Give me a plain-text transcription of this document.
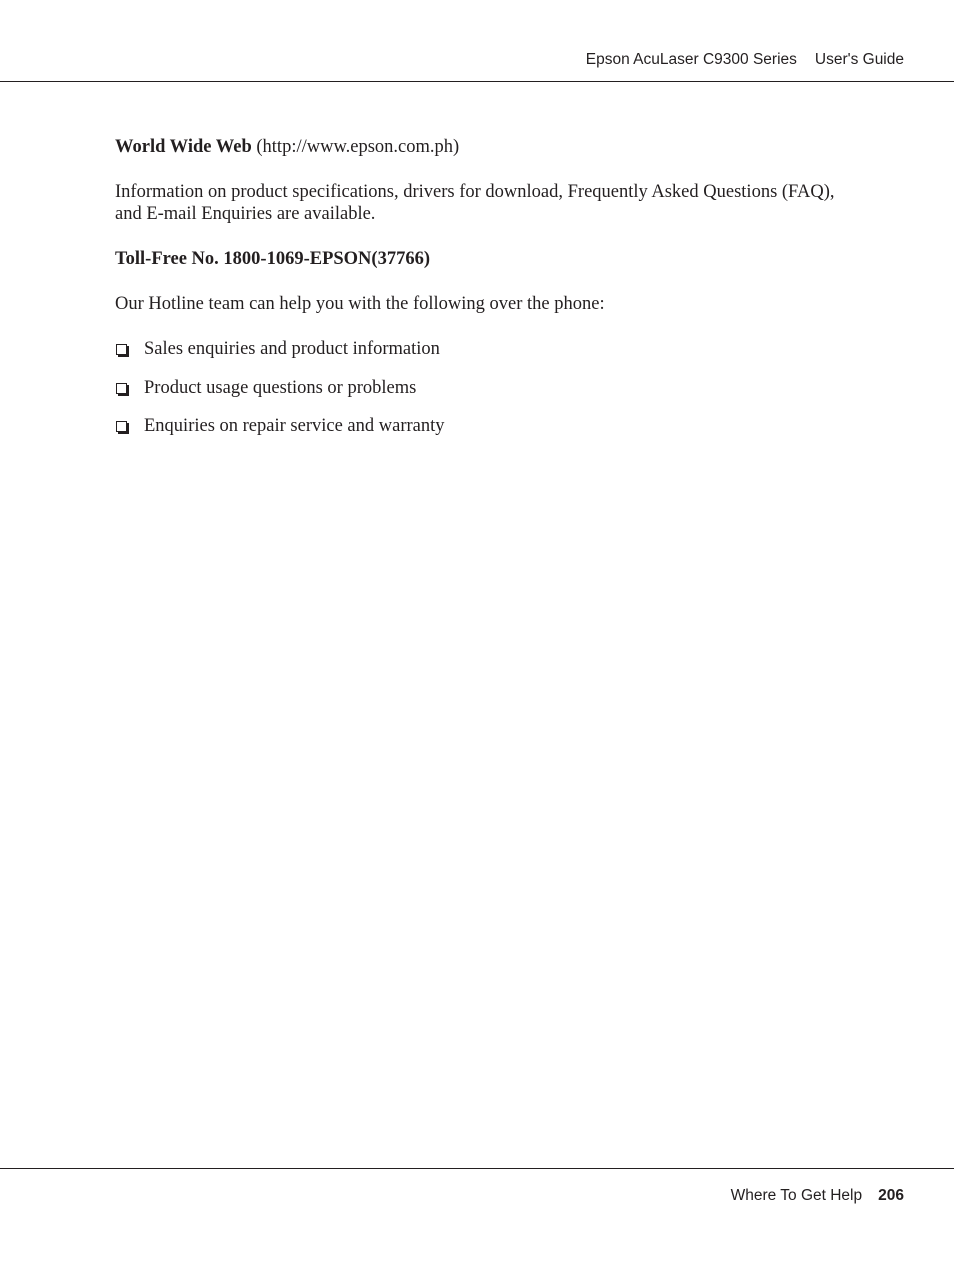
Epson AcuLaser C9300 Series User's Guide

World Wide Web (http://www.epson.com.ph)

Information on product specifications, drivers for download, Frequently Asked Questions (FAQ),
and E-mail Enquiries are available.

Toll-Free No. 1800-1069-EPSON(37766)

Our Hotline team can help you with the following over the phone:

Sales enquiries and product information
Product usage questions or problems
Enquiries on repair service and warranty
Where To Get Help 206
